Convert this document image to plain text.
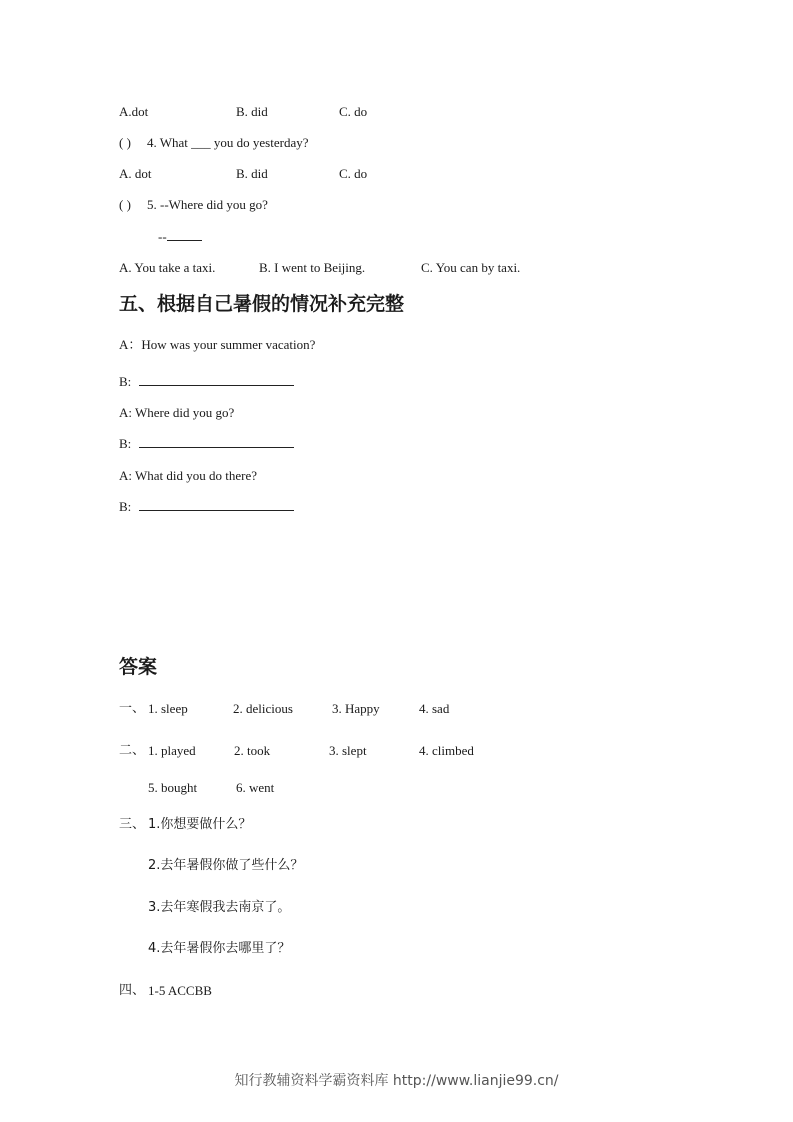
A.dot	B. did	C. do
( ) 4. What ___ you do yesterday?
A. dot	B. did	C. do
( ) 5. --Where did you go?
--
A. You take a taxi.	B. I went to Beijing.	C. You can by taxi.
五、根据自己暑假的情况补充完整
A：How was your summer vacation?
B:
A: Where did you go?
B:
A: What did you do there?
B:
答案
一、 1. sleep	2. delicious	3. Happy	4. sad
二、 1. played	2. took	3. slept	4. climbed
5. bought	6. went
三、 1.你想要做什么？
2.去年暑假你做了些什么？
3.去年寒假我去南京了。
4.去年暑假你去哪里了？
四、 1-5 ACCBB
知行教辅资料学霸资料库 http://www.lianjie99.cn/
